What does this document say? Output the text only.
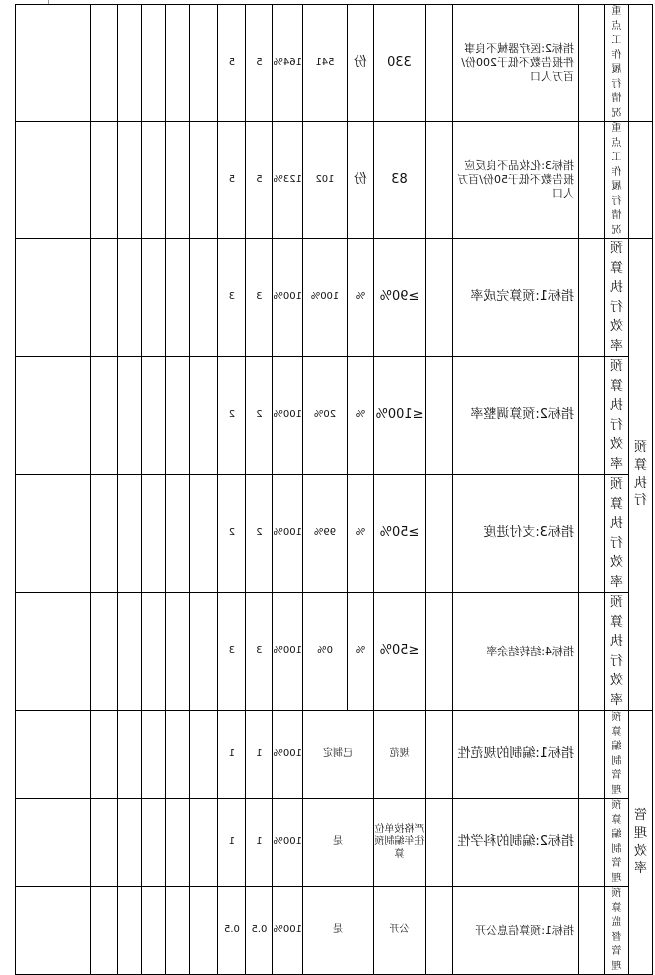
	重点工作履行情况		指标2:医疗器械不良事件报告数不低于200份/百万人口		330	份	541	164%	5	5						
	重点工作履行情况		指标3:化妆品不良反应报告数不低于50份/百万人口		83	份	102	123%	5	5						
预算执行	预算执行效率		指标1:预算完成率		≥90%	%	100%	100%	3	3						
	预算执行效率		指标2:预算调整率		≤100%	%	20%	100%	2	2						
	预算执行效率		指标3:支付进度		≥50%	%	99%	100%	2	2						
	预算执行效率		指标4:结转结余率		≤50%	%	0%	100%	3	3						
管理效率	预算编制管理		指标1:编制的规范性		规范	已制定		100%	1	1						
	预算编制管理		指标2:编制的科学性		严格按单位往年编制预算	是		100%	1	1						
	预算监督管理		指标1:预算信息公开		公开	是		100%	0.5	0.5						
